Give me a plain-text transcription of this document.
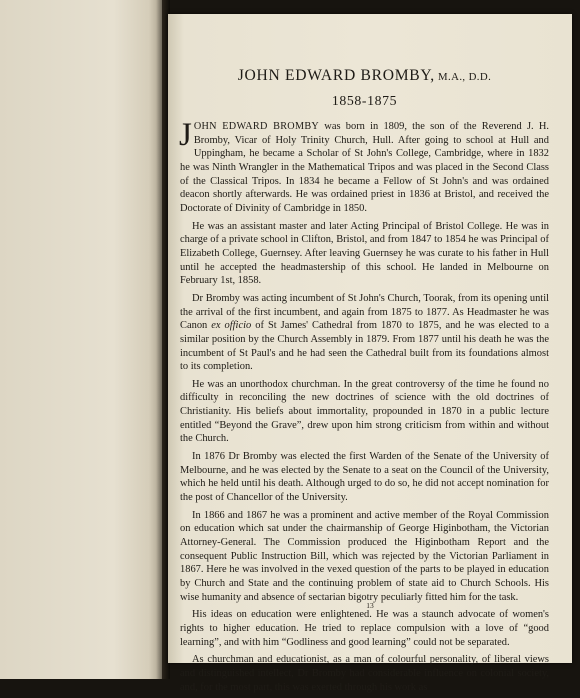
JOHN EDWARD BROMBY, M.A., D.D.
1858-1875

JOHN EDWARD BROMBY was born in 1809, the son of the Reverend J. H. Bromby, Vicar of Holy Trinity Church, Hull. After going to school at Hull and Uppingham, he became a Scholar of St John's College, Cambridge, where in 1832 he was Ninth Wrangler in the Mathematical Tripos and was placed in the Second Class of the Classical Tripos. In 1834 he became a Fellow of St John's and was ordained deacon shortly afterwards. He was ordained priest in 1836 at Bristol, and received the Doctorate of Divinity of Cambridge in 1850.

He was an assistant master and later Acting Principal of Bristol College. He was in charge of a private school in Clifton, Bristol, and from 1847 to 1854 he was Principal of Elizabeth College, Guernsey. After leaving Guernsey he was curate to his father in Hull until he accepted the headmastership of this school. He landed in Melbourne on February 1st, 1858.

Dr Bromby was acting incumbent of St John's Church, Toorak, from its opening until the arrival of the first incumbent, and again from 1875 to 1877. As Headmaster he was Canon ex officio of St James' Cathedral from 1870 to 1875, and he was elected to a similar position by the Church Assembly in 1879. From 1877 until his death he was the incumbent of St Paul's and he had seen the Cathedral built from its foundations almost to its completion.

He was an unorthodox churchman. In the great controversy of the time he found no difficulty in reconciling the new doctrines of science with the old doctrines of Christianity. His beliefs about immortality, propounded in 1870 in a public lecture entitled “Beyond the Grave”, drew upon him strong criticism from within and without the Church.

In 1876 Dr Bromby was elected the first Warden of the Senate of the University of Melbourne, and he was elected by the Senate to a seat on the Council of the University, which he held until his death. Although urged to do so, he did not accept nomination for the post of Chancellor of the University.

In 1866 and 1867 he was a prominent and active member of the Royal Commission on education which sat under the chairmanship of George Higinbotham, the Victorian Attorney-General. The Commission produced the Higinbotham Report and the consequent Public Instruction Bill, which was rejected by the Victorian Parliament in 1867. Here he was involved in the vexed question of the parts to be played in education by Church and State and the continuing problem of state aid to Church Schools. His wise humanity and absence of sectarian bigotry peculiarly fitted him for the task.

His ideas on education were enlightened. He was a staunch advocate of women's rights to higher education. He tried to replace compulsion with a love of “good learning”, and with him “Godliness and good learning” could not be separated.

As churchman and educationist, as a man of colourful personality, of liberal views and distinguished intellect, Dr Bromby had considerable influence on colonial society, and, for the most part, this was exerted through his work as

13
